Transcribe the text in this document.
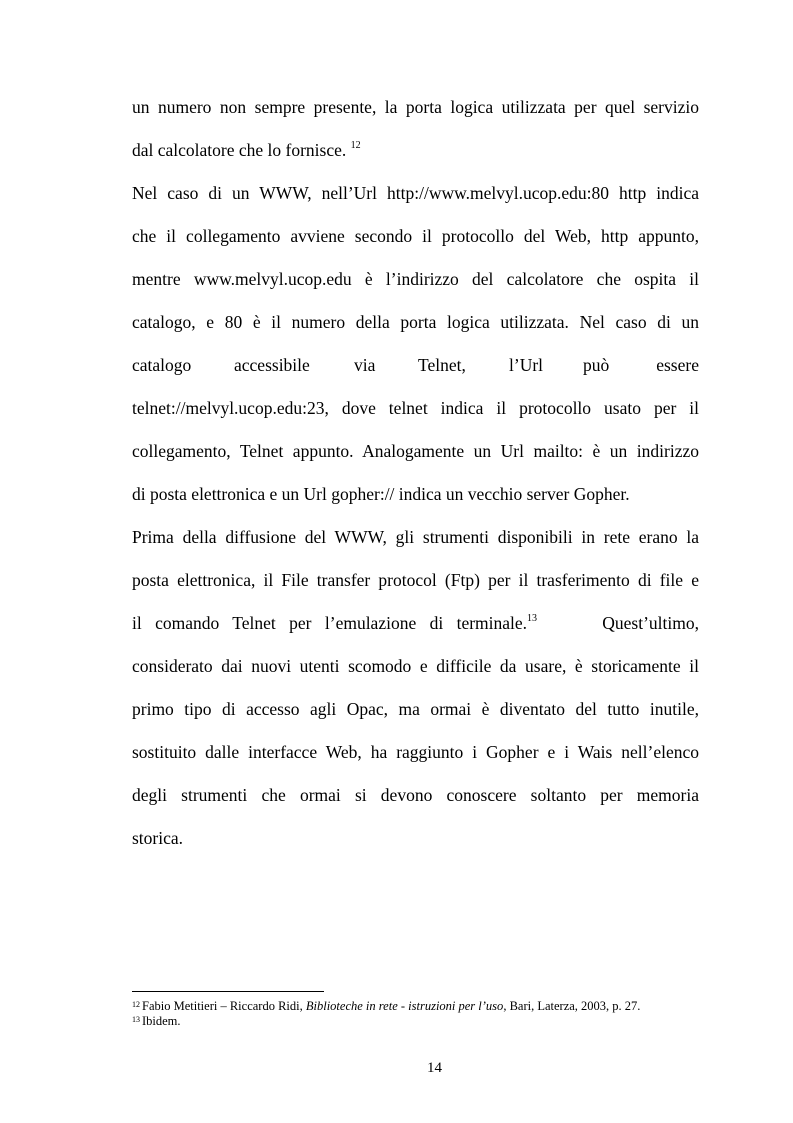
un numero non sempre presente, la porta logica utilizzata per quel servizio
dal calcolatore che lo fornisce. $^{12}$
Nel caso di un WWW, nell’Url http://www.melvyl.ucop.edu:80 http indica
che il collegamento avviene secondo il protocollo del Web, http appunto,
mentre www.melvyl.ucop.edu è l’indirizzo del calcolatore che ospita il
catalogo, e 80 è il numero della porta logica utilizzata. Nel caso di un
catalogo accessibile	via Telnet, l’Url può	essere
telnet://melvyl.ucop.edu:23, dove telnet indica il protocollo usato per il
collegamento, Telnet appunto. Analogamente un Url mailto: è un indirizzo
di posta elettronica e un Url gopher:// indica un vecchio server Gopher.
Prima della diffusione del WWW, gli strumenti disponibili in rete erano la
posta elettronica, il File transfer protocol (Ftp) per il trasferimento di file e
il comando Telnet per l’emulazione di terminale.$^{13}$	Quest’ultimo,
considerato dai nuovi utenti scomodo e difficile da usare, è storicamente il
primo tipo di accesso agli Opac, ma ormai è diventato del tutto inutile,
sostituito dalle interfacce Web, ha raggiunto i Gopher e i Wais nell’elenco
degli strumenti che ormai si devono conoscere soltanto per memoria
storica.
$^{12}$ Fabio Metitieri – Riccardo Ridi, Biblioteche in rete - istruzioni per l’uso, Bari, Laterza, 2003, p. 27.
$^{13}$ Ibidem.
14
